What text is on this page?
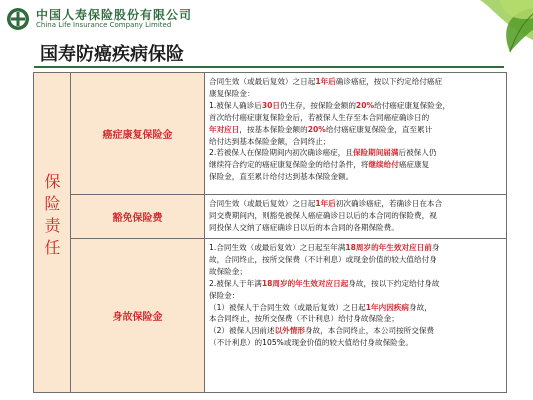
中国人寿保险股份有限公司
China Life Insurance Company Limited
国寿防癌疾病保险
保
险
责
任
癌症康复保险金

合同生效（或最后复效）之日起1年后确诊癌症，按以下约定给付癌症

康复保险金：

1.被保人确诊后30日仍生存，按保险金额的20%给付癌症康复保险金，

首次给付癌症康复保险金后，若被保人生存至本合同癌症确诊日的

年对应日，按基本保险金额的20%给付癌症康复保险金，直至累计

给付达到基本保险金额，合同终止；

2.若被保人在保险期间内初次确诊癌症，且保险期间届满后被保人仍

继续符合约定的癌症康复保险金的给付条件，将继续给付癌症康复

保险金，直至累计给付达到基本保险金额。

豁免保险费

合同生效（或最后复效）之日起1年后初次确诊癌症，若确诊日在本合

同交费期间内，则豁免被保人癌症确诊日以后的本合同的保险费，视

同投保人交纳了癌症确诊日以后的本合同的各期保险费。

身故保险金

1.合同生效（或最后复效）之日起至年满18周岁的年生效对应日前身

故，合同终止，按所交保费（不计利息）或现金价值的较大值给付身

故保险金；

2.被保人于年满18周岁的年生效对应日起身故，按以下约定给付身故

保险金：

（1）被保人于合同生效（或最后复效）之日起1年内因疾病身故，

本合同终止，按所交保费（不计利息）给付身故保险金；

（2）被保人因前述以外情形身故，本合同终止，本公司按所交保费

（不计利息）的105%或现金价值的较大值给付身故保险金。
